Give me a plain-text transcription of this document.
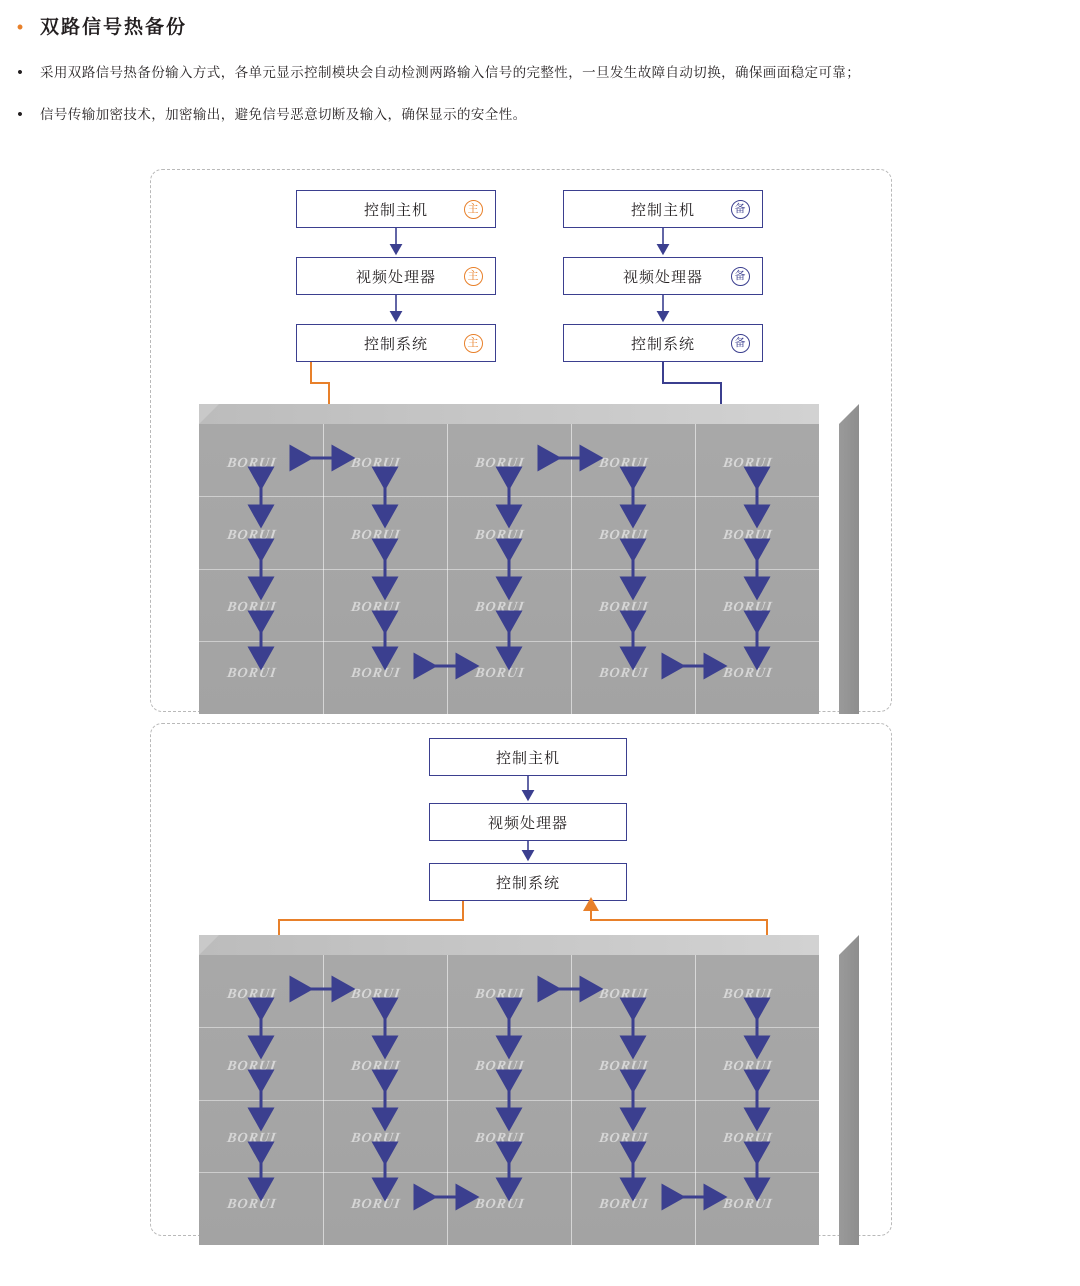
• 双路信号热备份
•	采用双路信号热备份输入方式，各单元显示控制模块会自动检测两路输入信号的完整性，一旦发生故障自动切换，确保画面稳定可靠；
•	信号传输加密技术，加密输出，避免信号恶意切断及输入，确保显示的安全性。
控制主机	主
视频处理器	主
控制系统	主
控制主机	备
视频处理器	备
控制系统	备
BORUI	BORUI	BORUI	BORUI	BORUI
BORUI	BORUI	BORUI	BORUI	BORUI
BORUI	BORUI	BORUI	BORUI	BORUI
BORUI	BORUI	BORUI	BORUI	BORUI
控制主机
视频处理器
控制系统
BORUI	BORUI	BORUI	BORUI	BORUI
BORUI	BORUI	BORUI	BORUI	BORUI
BORUI	BORUI	BORUI	BORUI	BORUI
BORUI	BORUI	BORUI	BORUI	BORUI
